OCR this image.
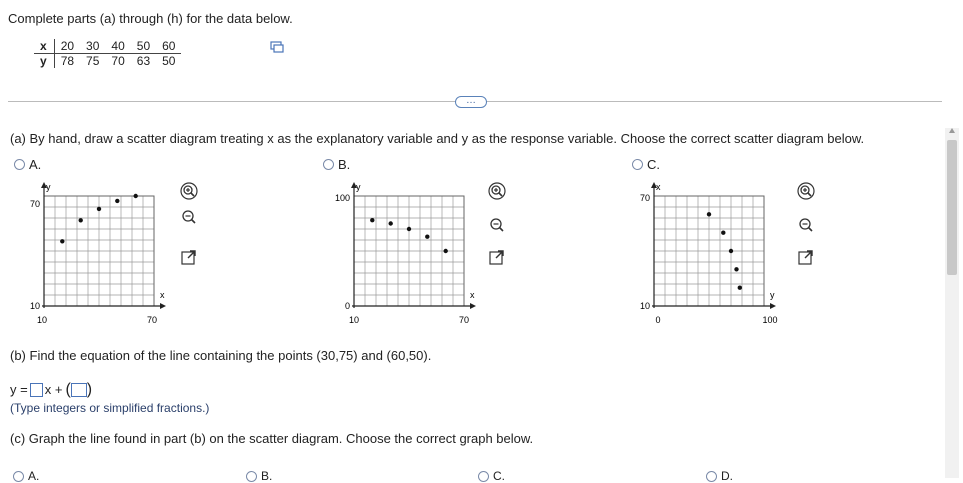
Complete parts (a) through (h) for the data below.
x	20	30	40	50	60
y	78	75	70	63	50
…
(a) By hand, draw a scatter diagram treating x as the explanatory variable and y as the response variable. Choose the correct scatter diagram below.
A.	B.	C.
y
x
70
10
10	70
y
x
100
0
10	70
x
y
70
10
0	100
(b) Find the equation of the line containing the points (30,75) and (60,50).
y = x + ( )
(Type integers or simplified fractions.)
(c) Graph the line found in part (b) on the scatter diagram. Choose the correct graph below.
A.	B.	C.	D.
